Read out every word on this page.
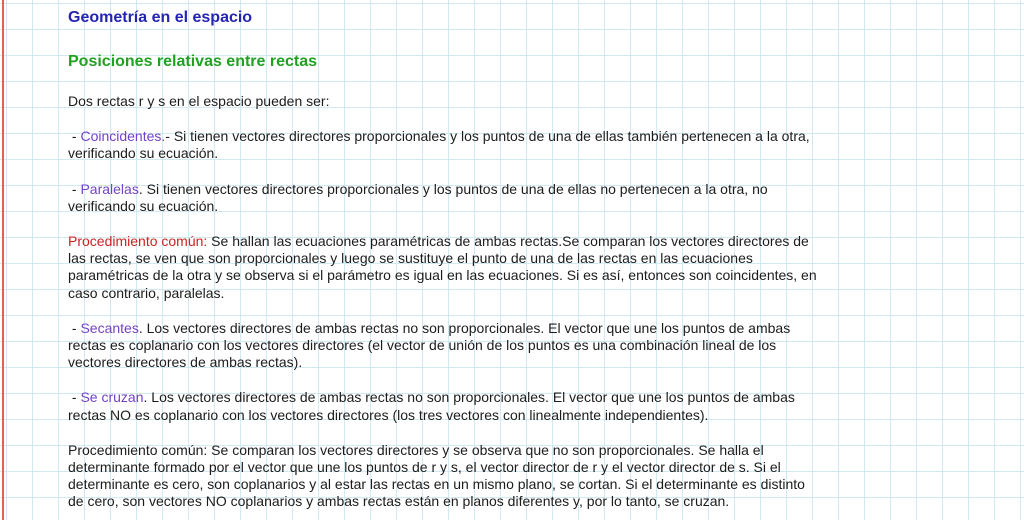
Geometría en el espacio
Posiciones relativas entre rectas
Dos rectas r y s en el espacio pueden ser:

- Coincidentes.- Si tienen vectores directores proporcionales y los puntos de una de ellas también pertenecen a la otra,
verificando su ecuación.

- Paralelas. Si tienen vectores directores proporcionales y los puntos de una de ellas no pertenecen a la otra, no
verificando su ecuación.

Procedimiento común: Se hallan las ecuaciones paramétricas de ambas rectas.Se comparan los vectores directores de
las rectas, se ven que son proporcionales y luego se sustituye el punto de una de las rectas en las ecuaciones
paramétricas de la otra y se observa si el parámetro es igual en las ecuaciones. Si es así, entonces son coincidentes, en
caso contrario, paralelas.

- Secantes. Los vectores directores de ambas rectas no son proporcionales. El vector que une los puntos de ambas
rectas es coplanario con los vectores directores (el vector de unión de los puntos es una combinación lineal de los
vectores directores de ambas rectas).

- Se cruzan. Los vectores directores de ambas rectas no son proporcionales. El vector que une los puntos de ambas
rectas NO es coplanario con los vectores directores (los tres vectores con linealmente independientes).

Procedimiento común: Se comparan los vectores directores y se observa que no son proporcionales. Se halla el
determinante formado por el vector que une los puntos de r y s, el vector director de r y el vector director de s. Si el
determinante es cero, son coplanarios y al estar las rectas en un mismo plano, se cortan. Si el determinante es distinto
de cero, son vectores NO coplanarios y ambas rectas están en planos diferentes y, por lo tanto, se cruzan.
